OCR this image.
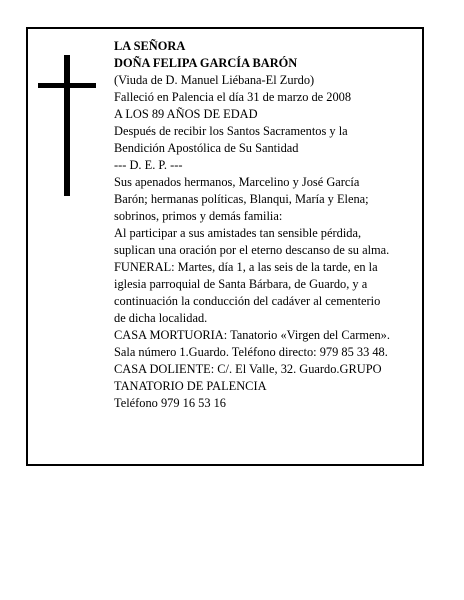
LA SEÑORA

DOÑA FELIPA GARCÍA BARÓN

(Viuda de D. Manuel Liébana-El Zurdo)

Falleció en Palencia el día 31 de marzo de 2008

A LOS 89 AÑOS DE EDAD

Después de recibir los Santos Sacramentos y la

Bendición Apostólica de Su Santidad

--- D. E. P. ---

Sus apenados hermanos, Marcelino y José García

Barón; hermanas políticas, Blanqui, María y Elena;

sobrinos, primos y demás familia:

Al participar a sus amistades tan sensible pérdida,

suplican una oración por el eterno descanso de su alma.

FUNERAL: Martes, día 1, a las seis de la tarde, en la

iglesia parroquial de Santa Bárbara, de Guardo, y a

continuación la conducción del cadáver al cementerio

de dicha localidad.

CASA MORTUORIA: Tanatorio «Virgen del Carmen».

Sala número 1.Guardo. Teléfono directo: 979 85 33 48.

CASA DOLIENTE: C/. El Valle, 32. Guardo.GRUPO

TANATORIO DE PALENCIA

Teléfono 979 16 53 16
